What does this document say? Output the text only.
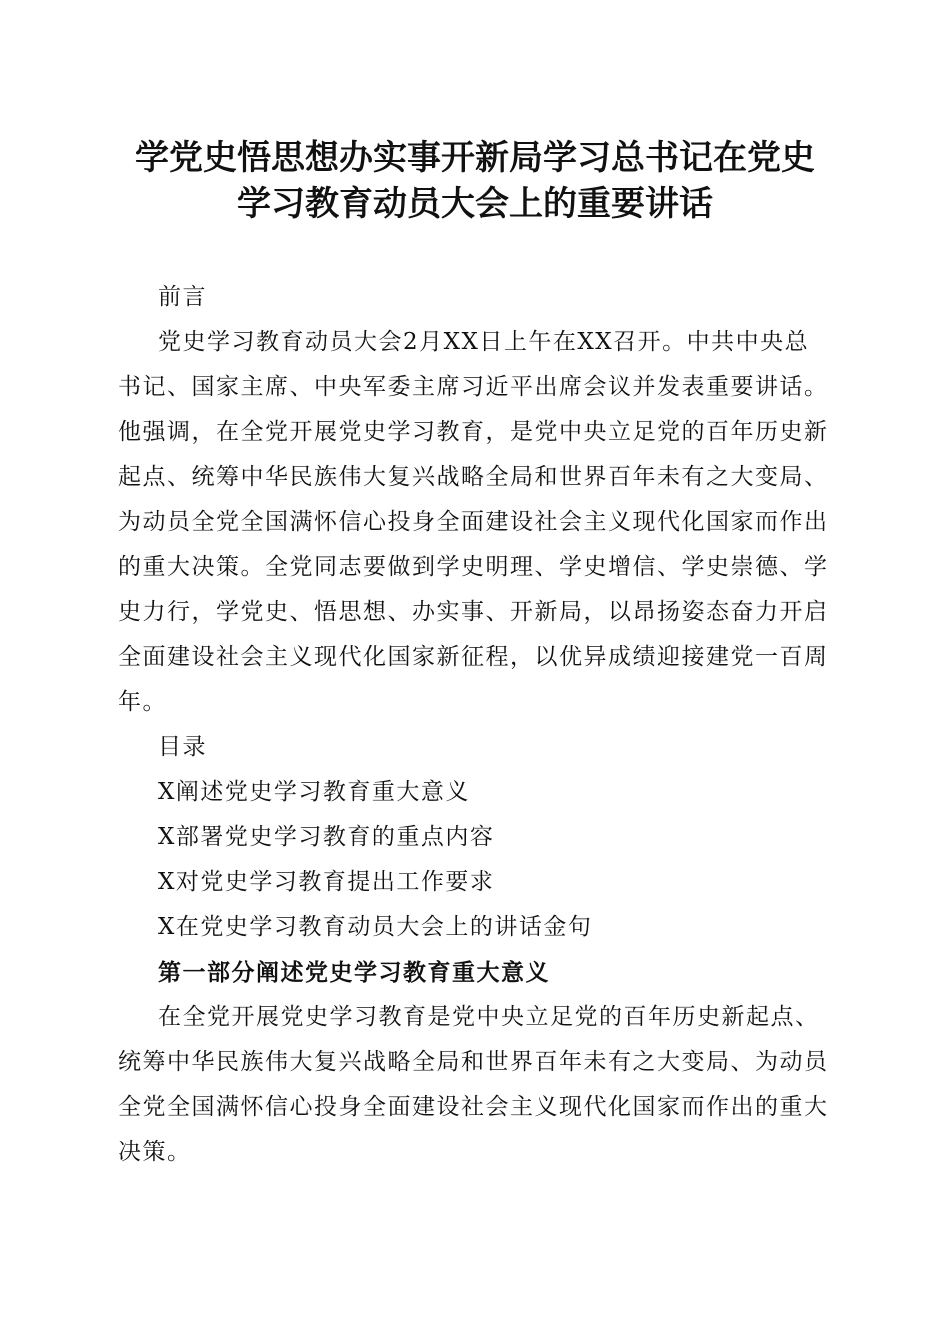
学党史悟思想办实事开新局学习总书记在党史
学习教育动员大会上的重要讲话

前言

党史学习教育动员大会2月XX日上午在XX召开。中共中央总书记、国家主席、中央军委主席习近平出席会议并发表重要讲话。他强调，在全党开展党史学习教育，是党中央立足党的百年历史新起点、统筹中华民族伟大复兴战略全局和世界百年未有之大变局、为动员全党全国满怀信心投身全面建设社会主义现代化国家而作出的重大决策。全党同志要做到学史明理、学史增信、学史崇德、学史力行，学党史、悟思想、办实事、开新局，以昂扬姿态奋力开启全面建设社会主义现代化国家新征程，以优异成绩迎接建党一百周年。

目录

X阐述党史学习教育重大意义

X部署党史学习教育的重点内容

X对党史学习教育提出工作要求

X在党史学习教育动员大会上的讲话金句

第一部分阐述党史学习教育重大意义

在全党开展党史学习教育是党中央立足党的百年历史新起点、统筹中华民族伟大复兴战略全局和世界百年未有之大变局、为动员全党全国满怀信心投身全面建设社会主义现代化国家而作出的重大决策。
